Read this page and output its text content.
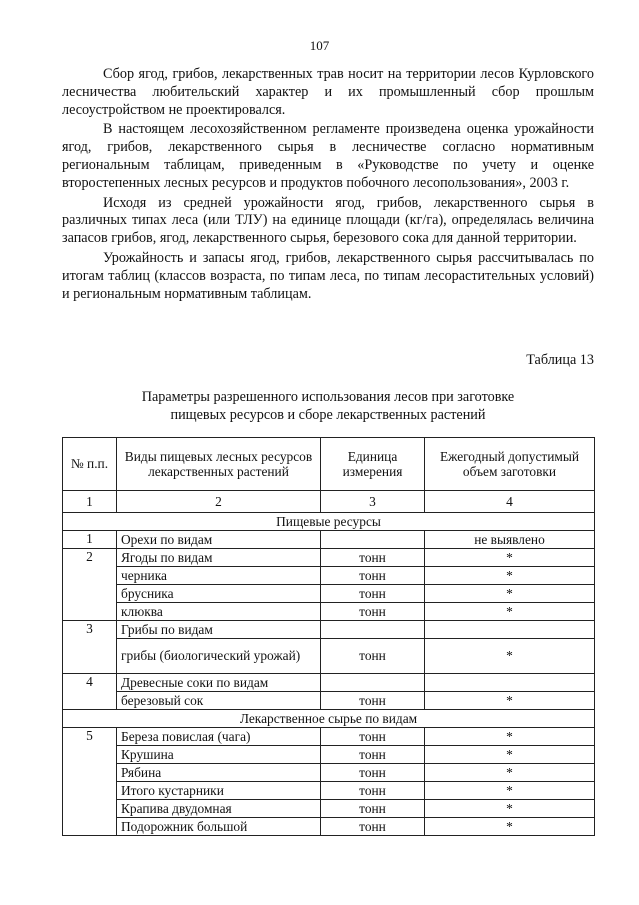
107

Сбор ягод, грибов, лекарственных трав носит на территории лесов Курловского лесничества любительский характер и их промышленный сбор прошлым лесоустройством не проектировался.

В настоящем лесохозяйственном регламенте произведена оценка урожайности ягод, грибов, лекарственного сырья в лесничестве согласно нормативным региональным таблицам, приведенным в «Руководстве по учету и оценке второстепенных лесных ресурсов и продуктов побочного лесопользования», 2003 г.

Исходя из средней урожайности ягод, грибов, лекарственного сырья в различных типах леса (или ТЛУ) на единице площади (кг/га), определялась величина запасов грибов, ягод, лекарственного сырья, березового сока для данной территории.

Урожайность и запасы ягод, грибов, лекарственного сырья рассчитывалась по итогам таблиц (классов возраста, по типам леса, по типам лесорастительных условий) и региональным нормативным таблицам.

Таблица 13
Параметры разрешенного использования лесов при заготовке
пищевых ресурсов и сборе лекарственных растений
№ п.п.	Виды пищевых лесных ресурсов лекарственных растений	Единица измерения	Ежегодный допустимый объем заготовки
1	2	3	4
Пищевые ресурсы			
1	Орехи по видам		не выявлено
2	Ягоды по видам	тонн	*
	черника	тонн	*
	брусника	тонн	*
	клюква	тонн	*
3	Грибы по видам		
	грибы (биологический урожай)	тонн	*
4	Древесные соки по видам		
	березовый сок	тонн	*
Лекарственное сырье по видам			
5	Береза повислая (чага)	тонн	*
	Крушина	тонн	*
	Рябина	тонн	*
	Итого кустарники	тонн	*
	Крапива двудомная	тонн	*
	Подорожник большой	тонн	*
